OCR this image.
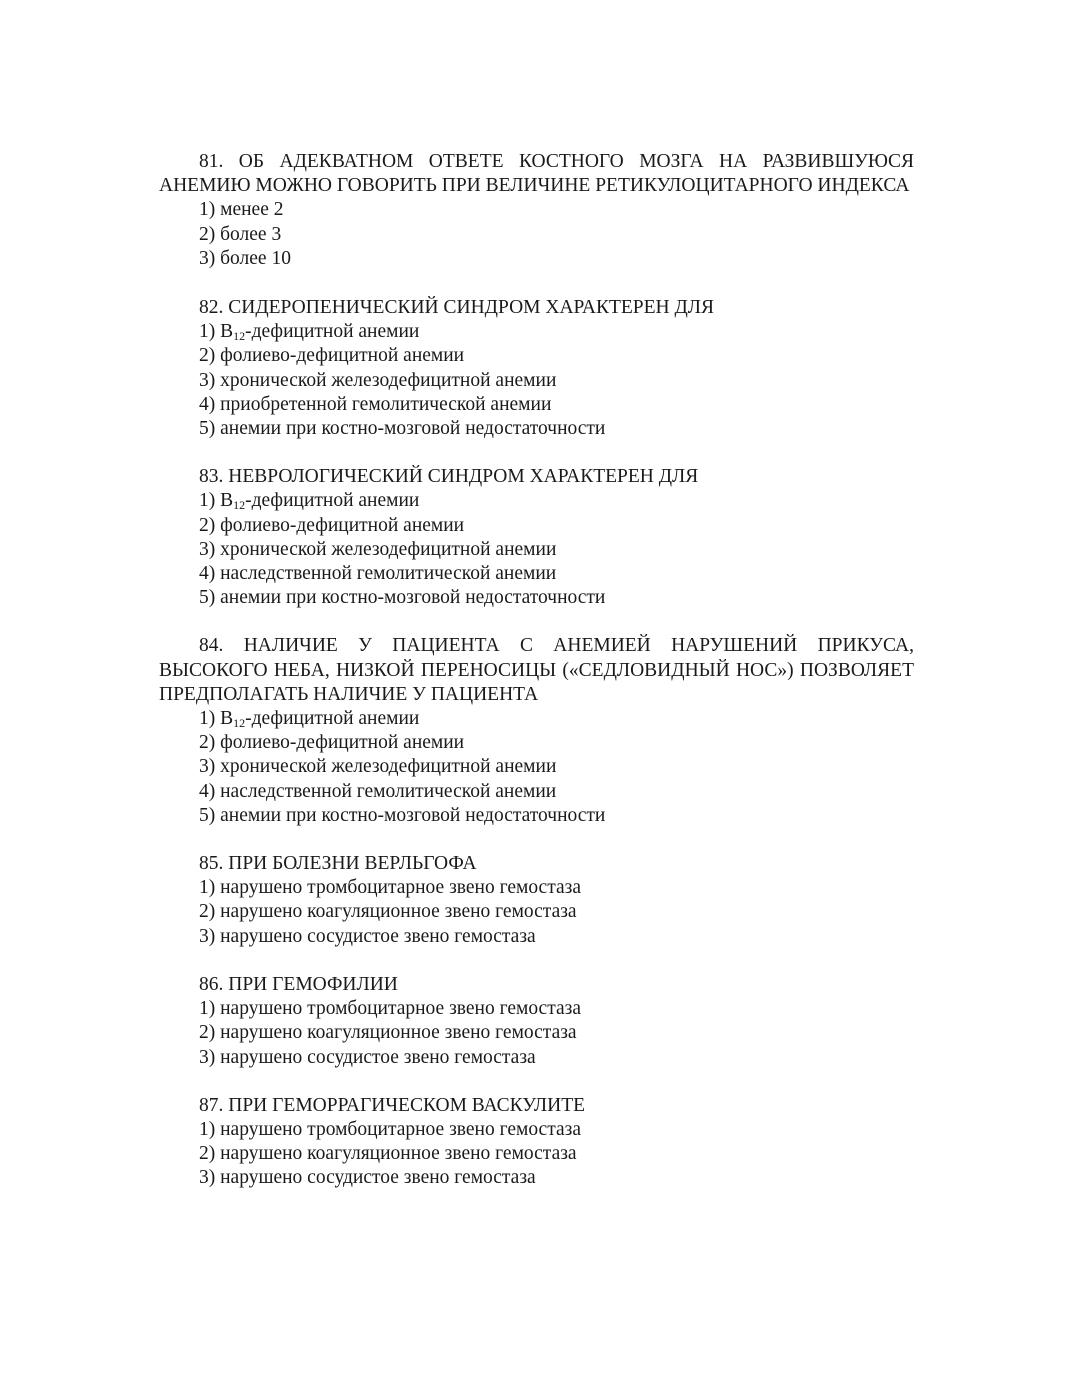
81. ОБ АДЕКВАТНОМ ОТВЕТЕ КОСТНОГО МОЗГА НА РАЗВИВШУЮСЯ АНЕМИЮ МОЖНО ГОВОРИТЬ ПРИ ВЕЛИЧИНЕ РЕТИКУЛОЦИТАРНОГО ИНДЕКСА

1) менее 2

2) более 3

3) более 10

82. СИДЕРОПЕНИЧЕСКИЙ СИНДРОМ ХАРАКТЕРЕН ДЛЯ

1) $В_{12}$-дефицитной анемии

2) фолиево-дефицитной анемии

3) хронической железодефицитной анемии

4) приобретенной гемолитической анемии

5) анемии при костно-мозговой недостаточности

83. НЕВРОЛОГИЧЕСКИЙ СИНДРОМ ХАРАКТЕРЕН ДЛЯ

1) $В_{12}$-дефицитной анемии

2) фолиево-дефицитной анемии

3) хронической железодефицитной анемии

4) наследственной гемолитической анемии

5) анемии при костно-мозговой недостаточности

84. НАЛИЧИЕ У ПАЦИЕНТА С АНЕМИЕЙ НАРУШЕНИЙ ПРИКУСА, ВЫСОКОГО НЕБА, НИЗКОЙ ПЕРЕНОСИЦЫ («СЕДЛОВИДНЫЙ НОС») ПОЗВОЛЯЕТ ПРЕДПОЛАГАТЬ НАЛИЧИЕ У ПАЦИЕНТА

1) $В_{12}$-дефицитной анемии

2) фолиево-дефицитной анемии

3) хронической железодефицитной анемии

4) наследственной гемолитической анемии

5) анемии при костно-мозговой недостаточности

85. ПРИ БОЛЕЗНИ ВЕРЛЬГОФА

1) нарушено тромбоцитарное звено гемостаза

2) нарушено коагуляционное звено гемостаза

3) нарушено сосудистое звено гемостаза

86. ПРИ ГЕМОФИЛИИ

1) нарушено тромбоцитарное звено гемостаза

2) нарушено коагуляционное звено гемостаза

3) нарушено сосудистое звено гемостаза

87. ПРИ ГЕМОРРАГИЧЕСКОМ ВАСКУЛИТЕ

1) нарушено тромбоцитарное звено гемостаза

2) нарушено коагуляционное звено гемостаза

3) нарушено сосудистое звено гемостаза
